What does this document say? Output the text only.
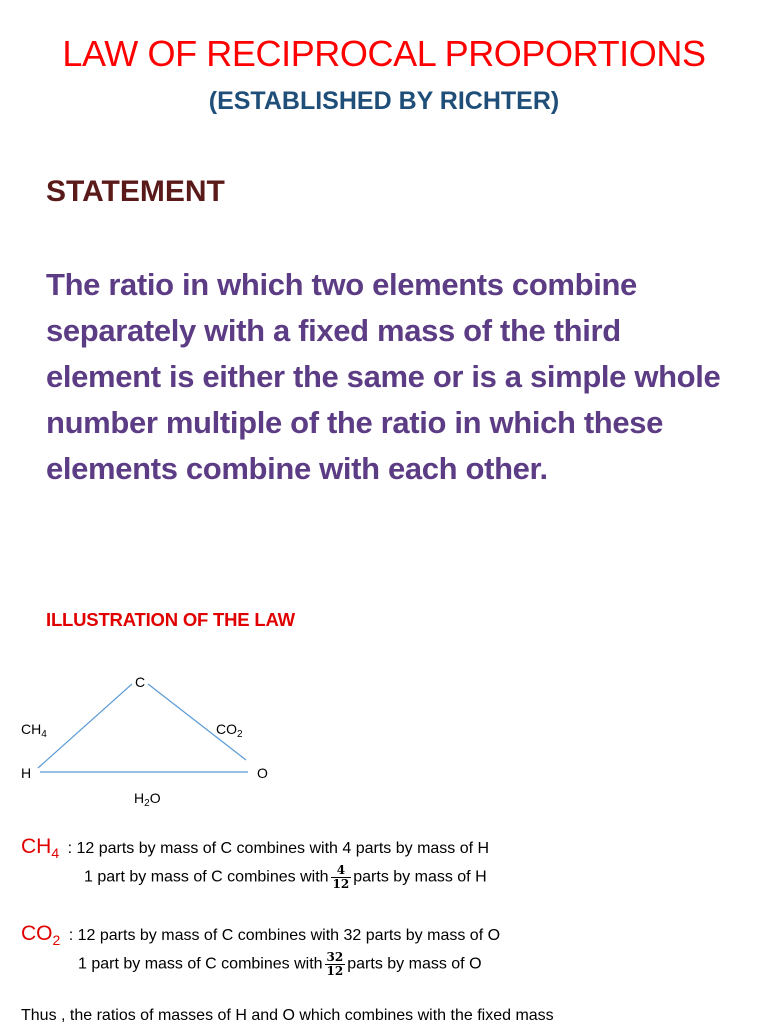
LAW OF RECIPROCAL PROPORTIONS
(ESTABLISHED BY RICHTER)
STATEMENT

The ratio in which two elements combine separately with a fixed mass of the third element is either the same or is a simple whole number multiple of the ratio in which these elements combine with each other.

ILLUSTRATION OF THE LAW
C
H	O
$CH_4$	$CO_2$
$H_2O$
$CH_4$ : 12 parts by mass of C combines with 4 parts by mass of H
1 part by mass of C combines with $\frac{4}{12}$ parts by mass of H
$CO_2$ : 12 parts by mass of C combines with 32 parts by mass of O
1 part by mass of C combines with $\frac{32}{12}$ parts by mass of O
Thus , the ratios of masses of H and O which combines with the fixed mass
